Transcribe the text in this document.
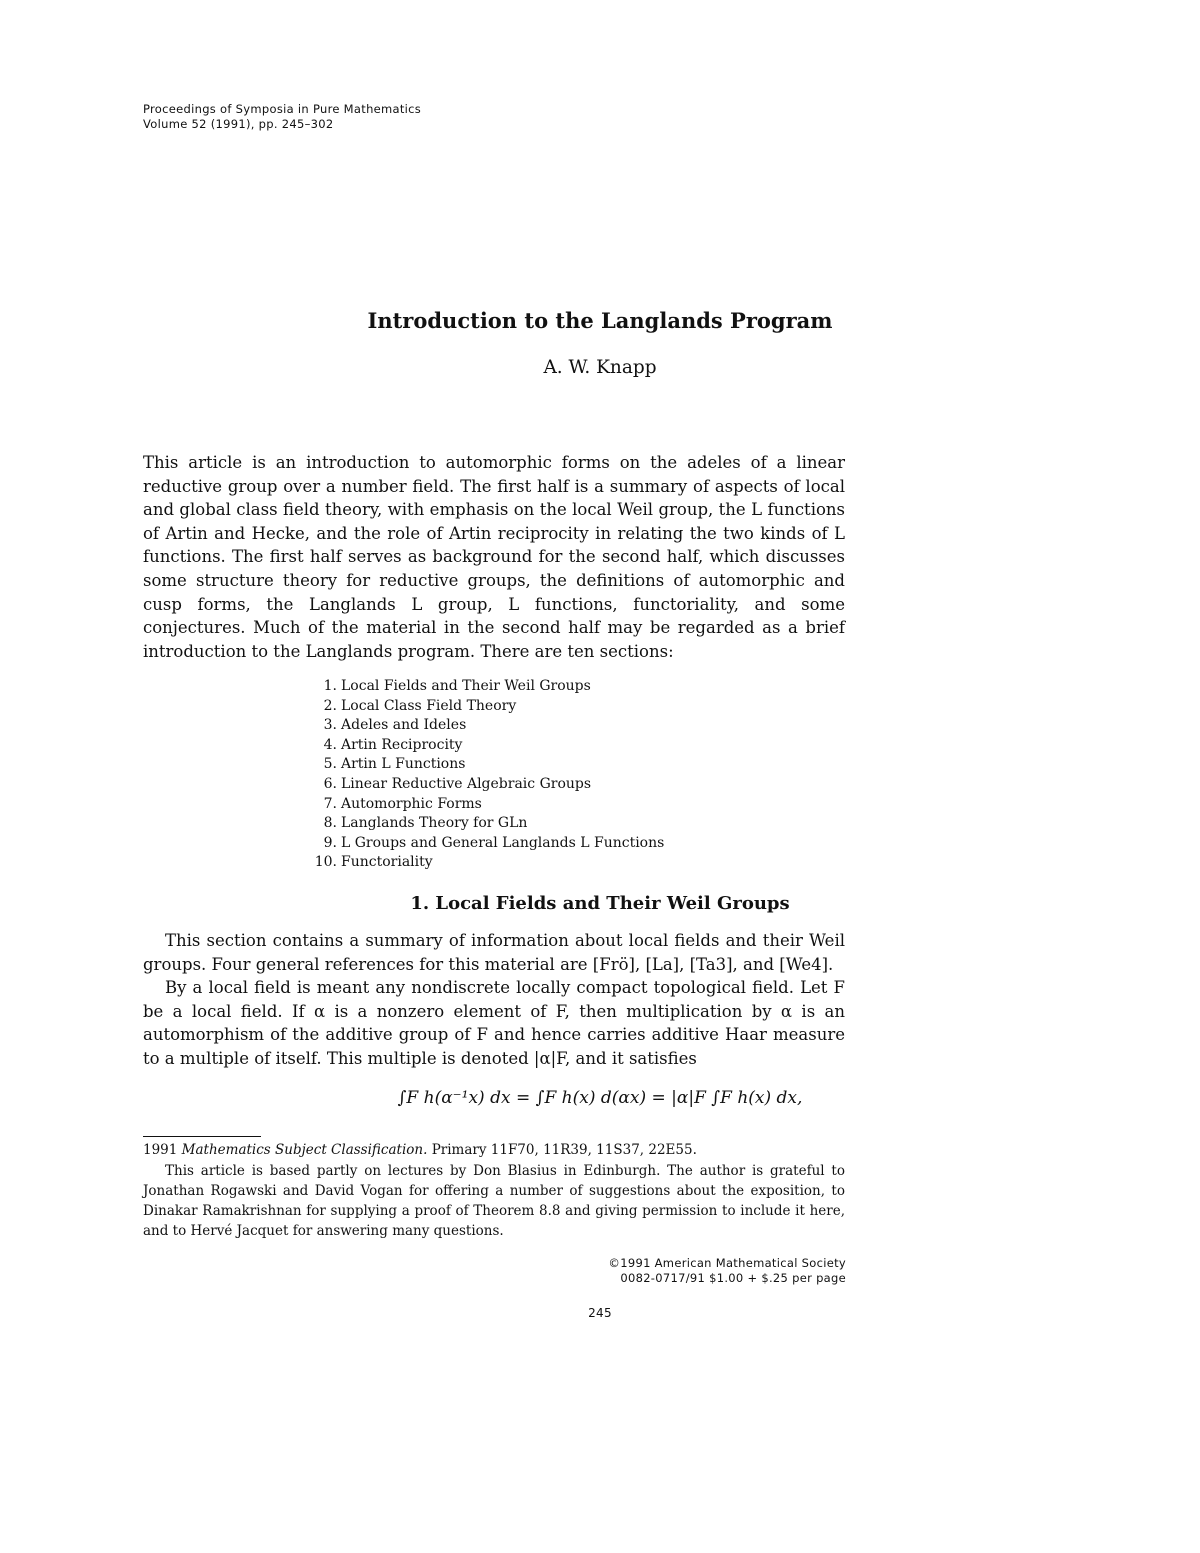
Proceedings of Symposia in Pure Mathematics
Volume 52 (1991), pp. 245–302
Introduction to the Langlands Program
A. W. Knapp
This article is an introduction to automorphic forms on the adeles of a linear reductive group over a number field. The first half is a summary of aspects of local and global class field theory, with emphasis on the local Weil group, the L functions of Artin and Hecke, and the role of Artin reciprocity in relating the two kinds of L functions. The first half serves as background for the second half, which discusses some structure theory for reductive groups, the definitions of automorphic and cusp forms, the Langlands L group, L functions, functoriality, and some conjectures. Much of the material in the second half may be regarded as a brief introduction to the Langlands program. There are ten sections:
1. Local Fields and Their Weil Groups
2. Local Class Field Theory
3. Adeles and Ideles
4. Artin Reciprocity
5. Artin L Functions
6. Linear Reductive Algebraic Groups
7. Automorphic Forms
8. Langlands Theory for GLn
9. L Groups and General Langlands L Functions
10. Functoriality
1. Local Fields and Their Weil Groups
This section contains a summary of information about local fields and their Weil groups. Four general references for this material are [Frö], [La], [Ta3], and [We4].
By a local field is meant any nondiscrete locally compact topological field. Let F be a local field. If α is a nonzero element of F, then multiplication by α is an automorphism of the additive group of F and hence carries additive Haar measure to a multiple of itself. This multiple is denoted |α|F, and it satisfies
∫F h(α⁻¹x) dx = ∫F h(x) d(αx) = |α|F ∫F h(x) dx,
1991 Mathematics Subject Classification. Primary 11F70, 11R39, 11S37, 22E55.
This article is based partly on lectures by Don Blasius in Edinburgh. The author is grateful to Jonathan Rogawski and David Vogan for offering a number of suggestions about the exposition, to Dinakar Ramakrishnan for supplying a proof of Theorem 8.8 and giving permission to include it here, and to Hervé Jacquet for answering many questions.
©1991 American Mathematical Society
0082-0717/91 $1.00 + $.25 per page
245
